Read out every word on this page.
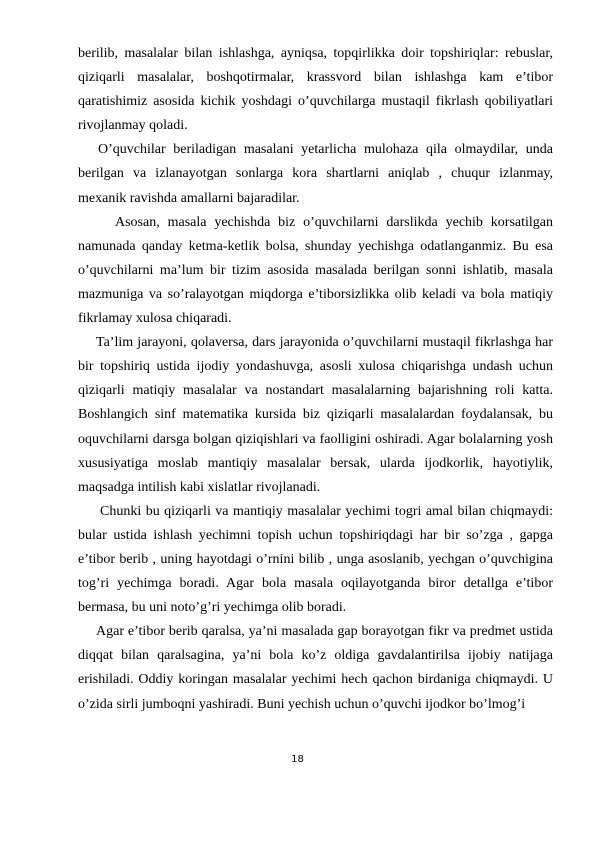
berilib, masalalar bilan ishlashga, ayniqsa, topqirlikka doir topshiriqlar: rebuslar, qiziqarli masalalar, boshqotirmalar, krassvord bilan ishlashga kam e’tibor qaratishimiz asosida kichik yoshdagi o’quvchilarga mustaqil fikrlash qobiliyatlari rivojlanmay qoladi.

O’quvchilar beriladigan masalani yetarlicha mulohaza qila olmaydilar, unda berilgan va izlanayotgan sonlarga kora shartlarni aniqlab , chuqur izlanmay, mexanik ravishda amallarni bajaradilar.

Asosan, masala yechishda biz o’quvchilarni darslikda yechib korsatilgan namunada qanday ketma-ketlik bolsa, shunday yechishga odatlanganmiz. Bu esa o’quvchilarni ma’lum bir tizim asosida masalada berilgan sonni ishlatib, masala mazmuniga va so’ralayotgan miqdorga e’tiborsizlikka olib keladi va bola matiqiy fikrlamay xulosa chiqaradi.

Ta’lim jarayoni, qolaversa, dars jarayonida o’quvchilarni mustaqil fikrlashga har bir topshiriq ustida ijodiy yondashuvga, asosli xulosa chiqarishga undash uchun qiziqarli matiqiy masalalar va nostandart masalalarning bajarishning roli katta. Boshlangich sinf matematika kursida biz qiziqarli masalalardan foydalansak, bu oquvchilarni darsga bolgan qiziqishlari va faolligini oshiradi. Agar bolalarning yosh xususiyatiga moslab mantiqiy masalalar bersak, ularda ijodkorlik, hayotiylik, maqsadga intilish kabi xislatlar rivojlanadi.

Chunki bu qiziqarli va mantiqiy masalalar yechimi togri amal bilan chiqmaydi: bular ustida ishlash yechimni topish uchun topshiriqdagi har bir so’zga , gapga e’tibor berib , uning hayotdagi o’rnini bilib , unga asoslanib, yechgan o’quvchigina tog’ri yechimga boradi. Agar bola masala oqilayotganda biror detallga e’tibor bermasa, bu uni noto’g’ri yechimga olib boradi.

Agar e’tibor berib qaralsa, ya’ni masalada gap borayotgan fikr va predmet ustida diqqat bilan qaralsagina, ya’ni bola ko’z oldiga gavdalantirilsa ijobiy natijaga erishiladi. Oddiy koringan masalalar yechimi hech qachon birdaniga chiqmaydi. U o’zida sirli jumboqni yashiradi. Buni yechish uchun o’quvchi ijodkor bo’lmog’i

18
